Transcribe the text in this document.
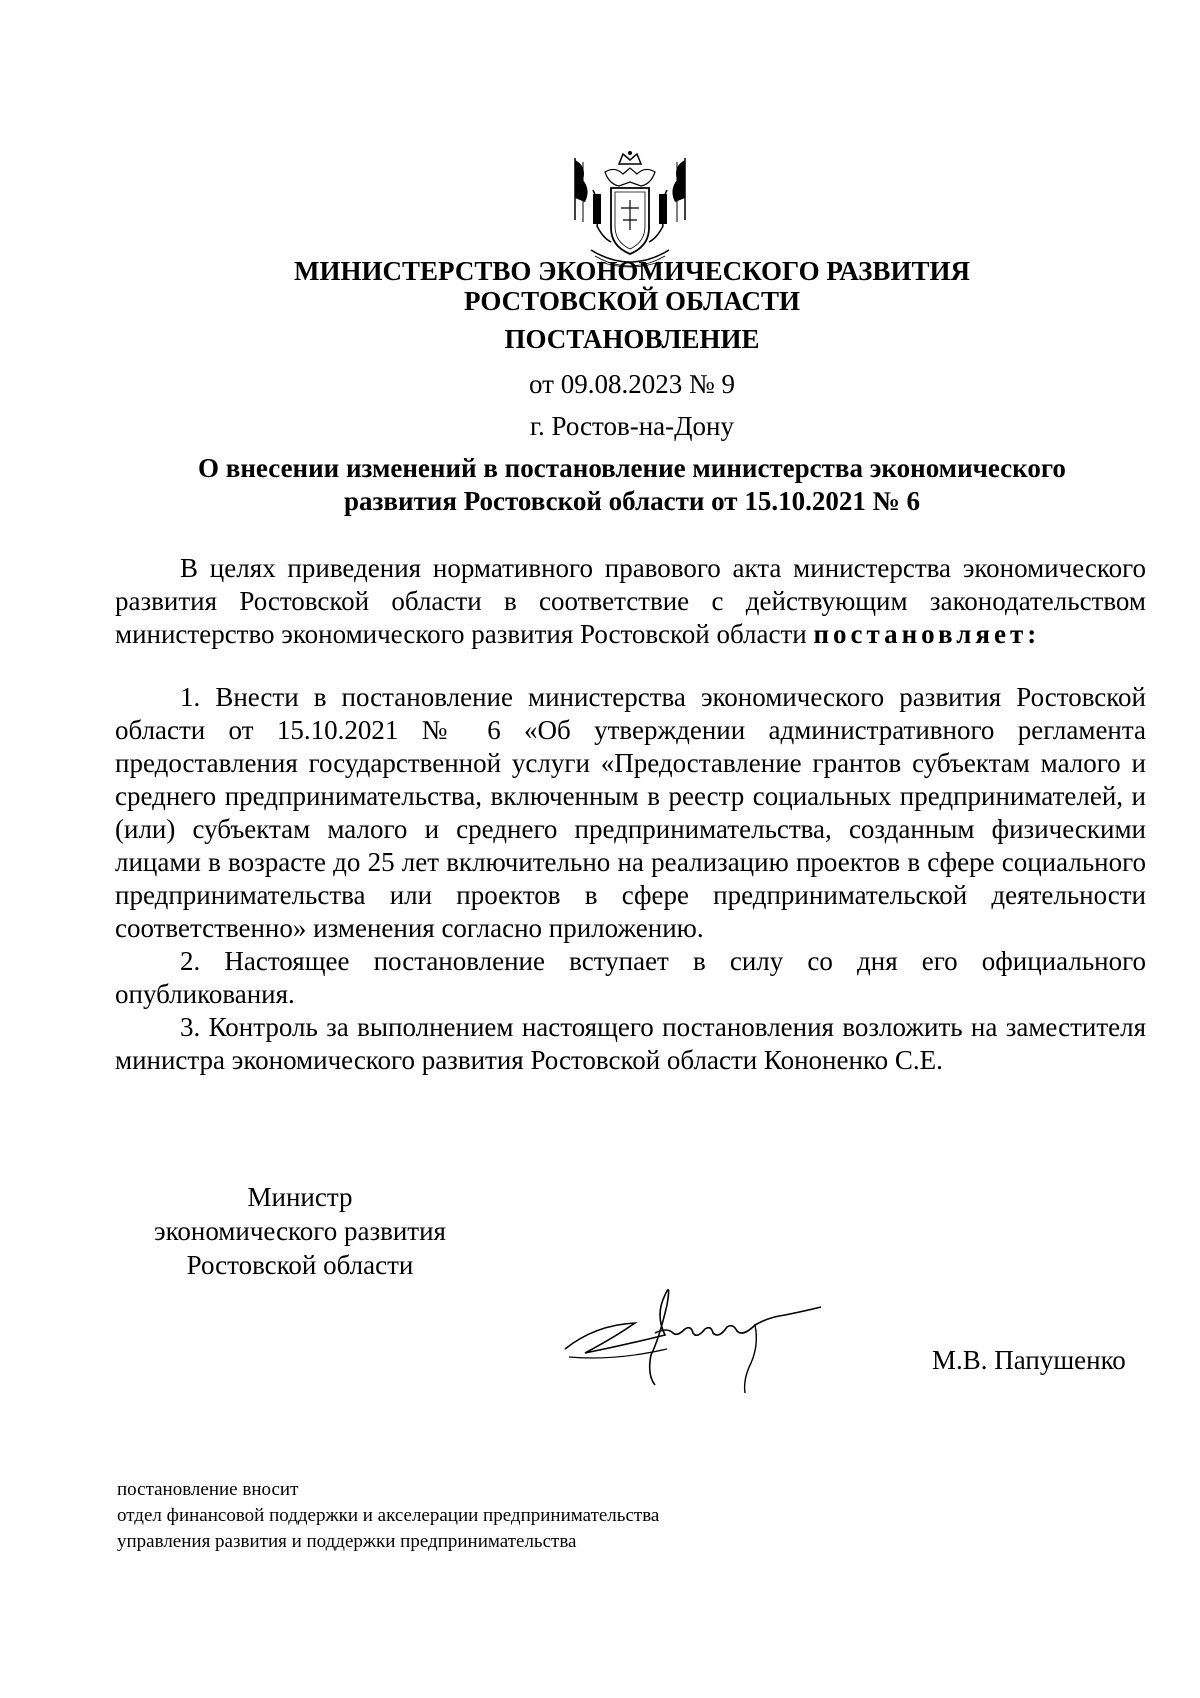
МИНИСТЕРСТВО ЭКОНОМИЧЕСКОГО РАЗВИТИЯ
РОСТОВСКОЙ ОБЛАСТИ
ПОСТАНОВЛЕНИЕ
от 09.08.2023 № 9
г. Ростов-на-Дону
О внесении изменений в постановление министерства экономического
развития Ростовской области от 15.10.2021 № 6

В целях приведения нормативного правового акта министерства экономического развития Ростовской области в соответствие с действующим законодательством министерство экономического развития Ростовской области постановляет:

1. Внести в постановление министерства экономического развития Ростовской области от 15.10.2021 № 6 «Об утверждении административного регламента предоставления государственной услуги «Предоставление грантов субъектам малого и среднего предпринимательства, включенным в реестр социальных предпринимателей, и (или) субъектам малого и среднего предпринимательства, созданным физическими лицами в возрасте до 25 лет включительно на реализацию проектов в сфере социального предпринимательства или проектов в сфере предпринимательской деятельности соответственно» изменения согласно приложению.

2. Настоящее постановление вступает в силу со дня его официального опубликования.

3. Контроль за выполнением настоящего постановления возложить на заместителя министра экономического развития Ростовской области Кононенко С.Е.

Министр
экономического развития
Ростовской области
М.В. Папушенко
постановление вносит
отдел финансовой поддержки и акселерации предпринимательства
управления развития и поддержки предпринимательства
